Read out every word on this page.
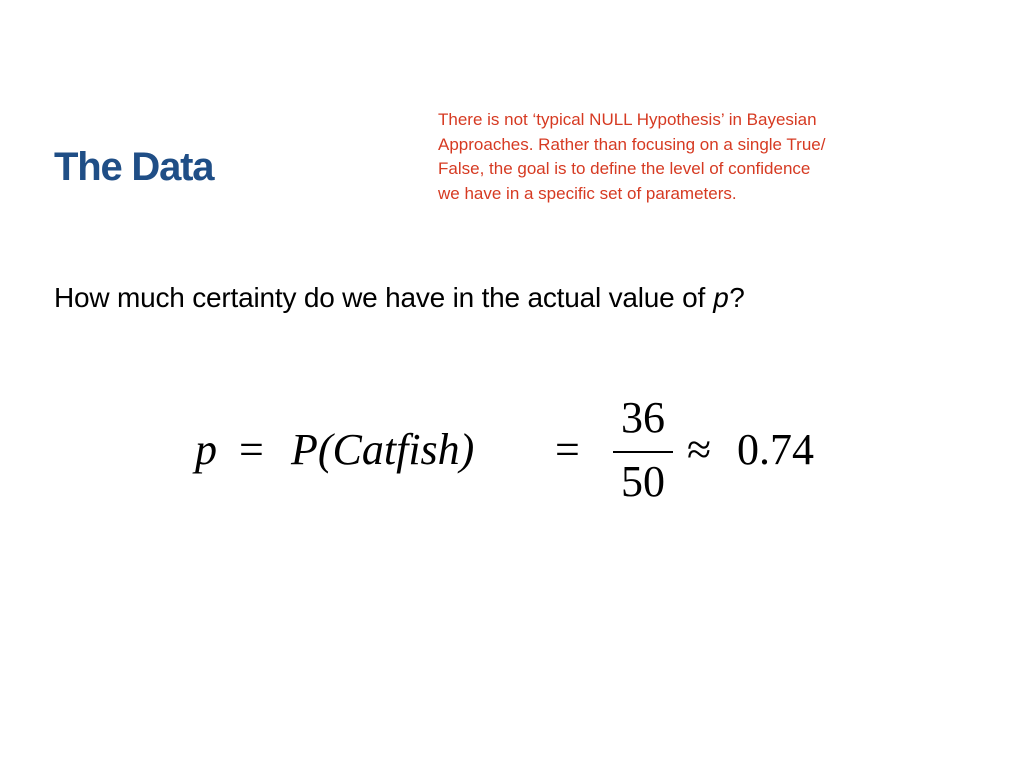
The Data
There is not ‘typical NULL Hypothesis’ in Bayesian
Approaches. Rather than focusing on a single True/
False, the goal is to define the level of confidence
we have in a specific set of parameters.
How much certainty do we have in the actual value of p?
p = P(Catfish) =
36
50
≈ 0.74
